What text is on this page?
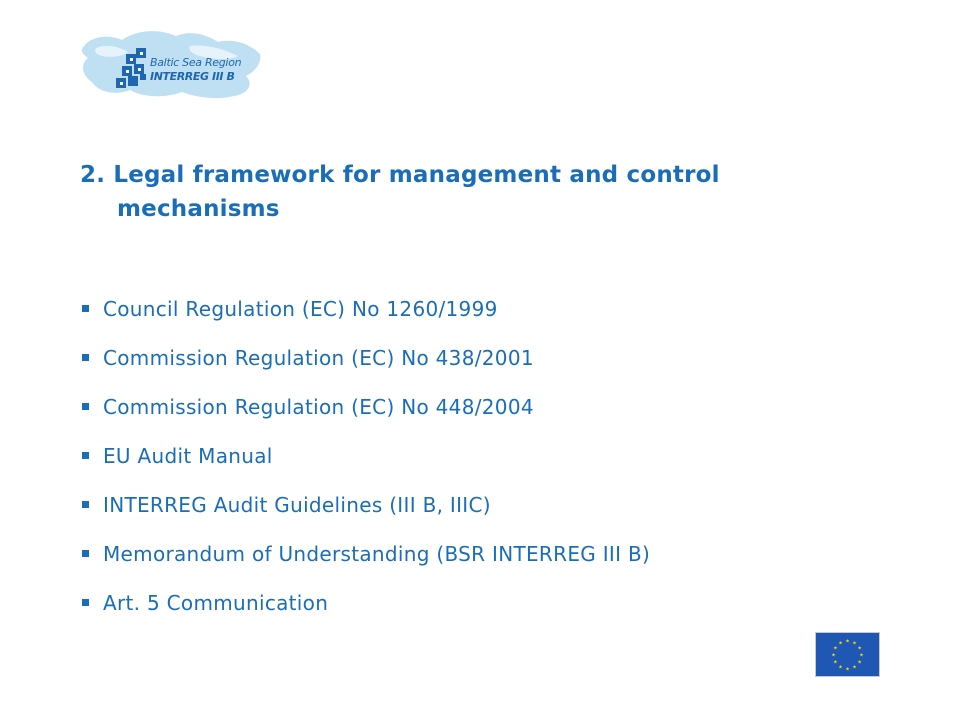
Baltic Sea Region
INTERREG III B
2. Legal framework for management and control
mechanisms
Council Regulation (EC) No 1260/1999
Commission Regulation (EC) No 438/2001
Commission Regulation (EC) No 448/2004
EU Audit Manual
INTERREG Audit Guidelines (III B, IIIC)
Memorandum of Understanding (BSR INTERREG III B)
Art. 5 Communication
★ ★
★
★
★
★
★
★
★
★
★
★
